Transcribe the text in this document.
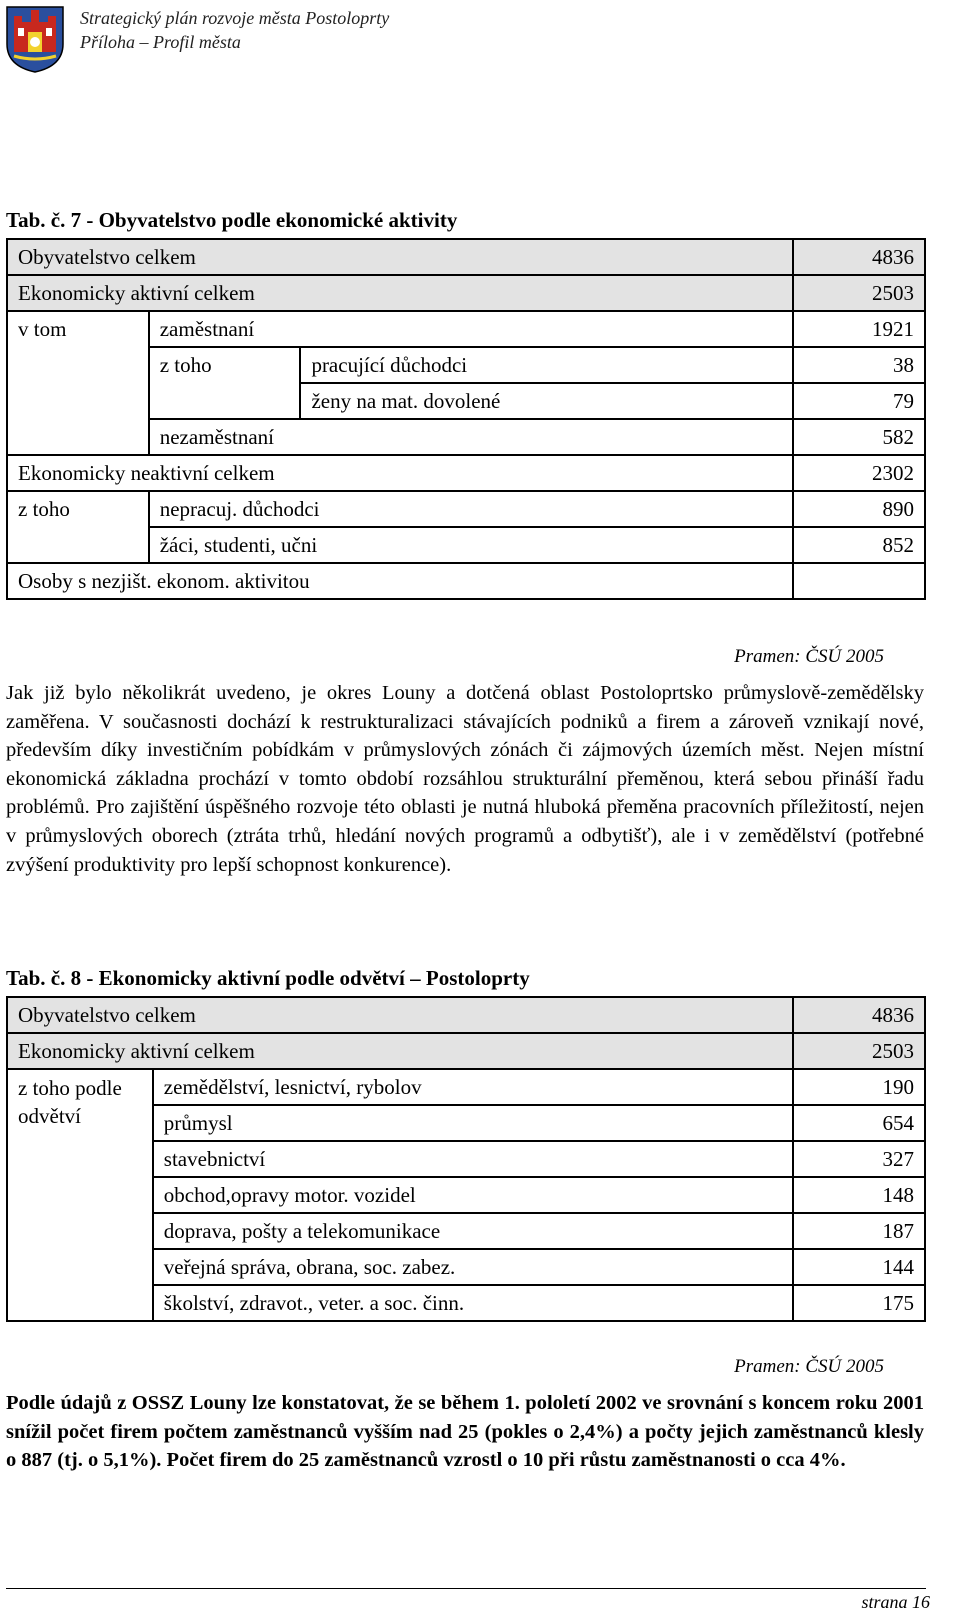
Strategický plán rozvoje města Postoloprty
Příloha – Profil města
Tab. č. 7 - Obyvatelstvo podle ekonomické aktivity
Obyvatelstvo celkem			4836
Ekonomicky aktivní celkem			2503
v tom	zaměstnaní		1921
	z toho	pracující důchodci	38
		ženy na mat. dovolené	79
	nezaměstnaní		582
Ekonomicky neaktivní celkem			2302
z toho	nepracuj. důchodci		890
	žáci, studenti, učni		852
Osoby s nezjišt. ekonom. aktivitou			
Pramen: ČSÚ 2005
Jak již bylo několikrát uvedeno, je okres Louny a dotčená oblast Postoloprtsko průmyslově-zemědělsky zaměřena. V současnosti dochází k restrukturalizaci stávajících podniků a firem a zároveň vznikají nové, především díky investičním pobídkám v průmyslových zónách či zájmových územích měst. Nejen místní ekonomická základna prochází v tomto období rozsáhlou strukturální přeměnou, která sebou přináší řadu problémů. Pro zajištění úspěšného rozvoje této oblasti je nutná hluboká přeměna pracovních příležitostí, nejen v průmyslových oborech (ztráta trhů, hledání nových programů a odbytišť), ale i v zemědělství (potřebné zvýšení produktivity pro lepší schopnost konkurence).
Tab. č. 8 - Ekonomicky aktivní podle odvětví – Postoloprty
Obyvatelstvo celkem		4836
Ekonomicky aktivní celkem		2503
z toho podle odvětví	zemědělství, lesnictví, rybolov	190
	průmysl	654
	stavebnictví	327
	obchod,opravy motor. vozidel	148
	doprava, pošty a telekomunikace	187
	veřejná správa, obrana, soc. zabez.	144
	školství, zdravot., veter. a soc. činn.	175
Pramen: ČSÚ 2005
Podle údajů z OSSZ Louny lze konstatovat, že se během 1. pololetí 2002 ve srovnání s koncem roku 2001 snížil počet firem počtem zaměstnanců vyšším nad 25 (pokles o 2,4%) a počty jejich zaměstnanců klesly o 887 (tj. o 5,1%). Počet firem do 25 zaměstnanců vzrostl o 10 při růstu zaměstnanosti o cca 4%.
strana 16
